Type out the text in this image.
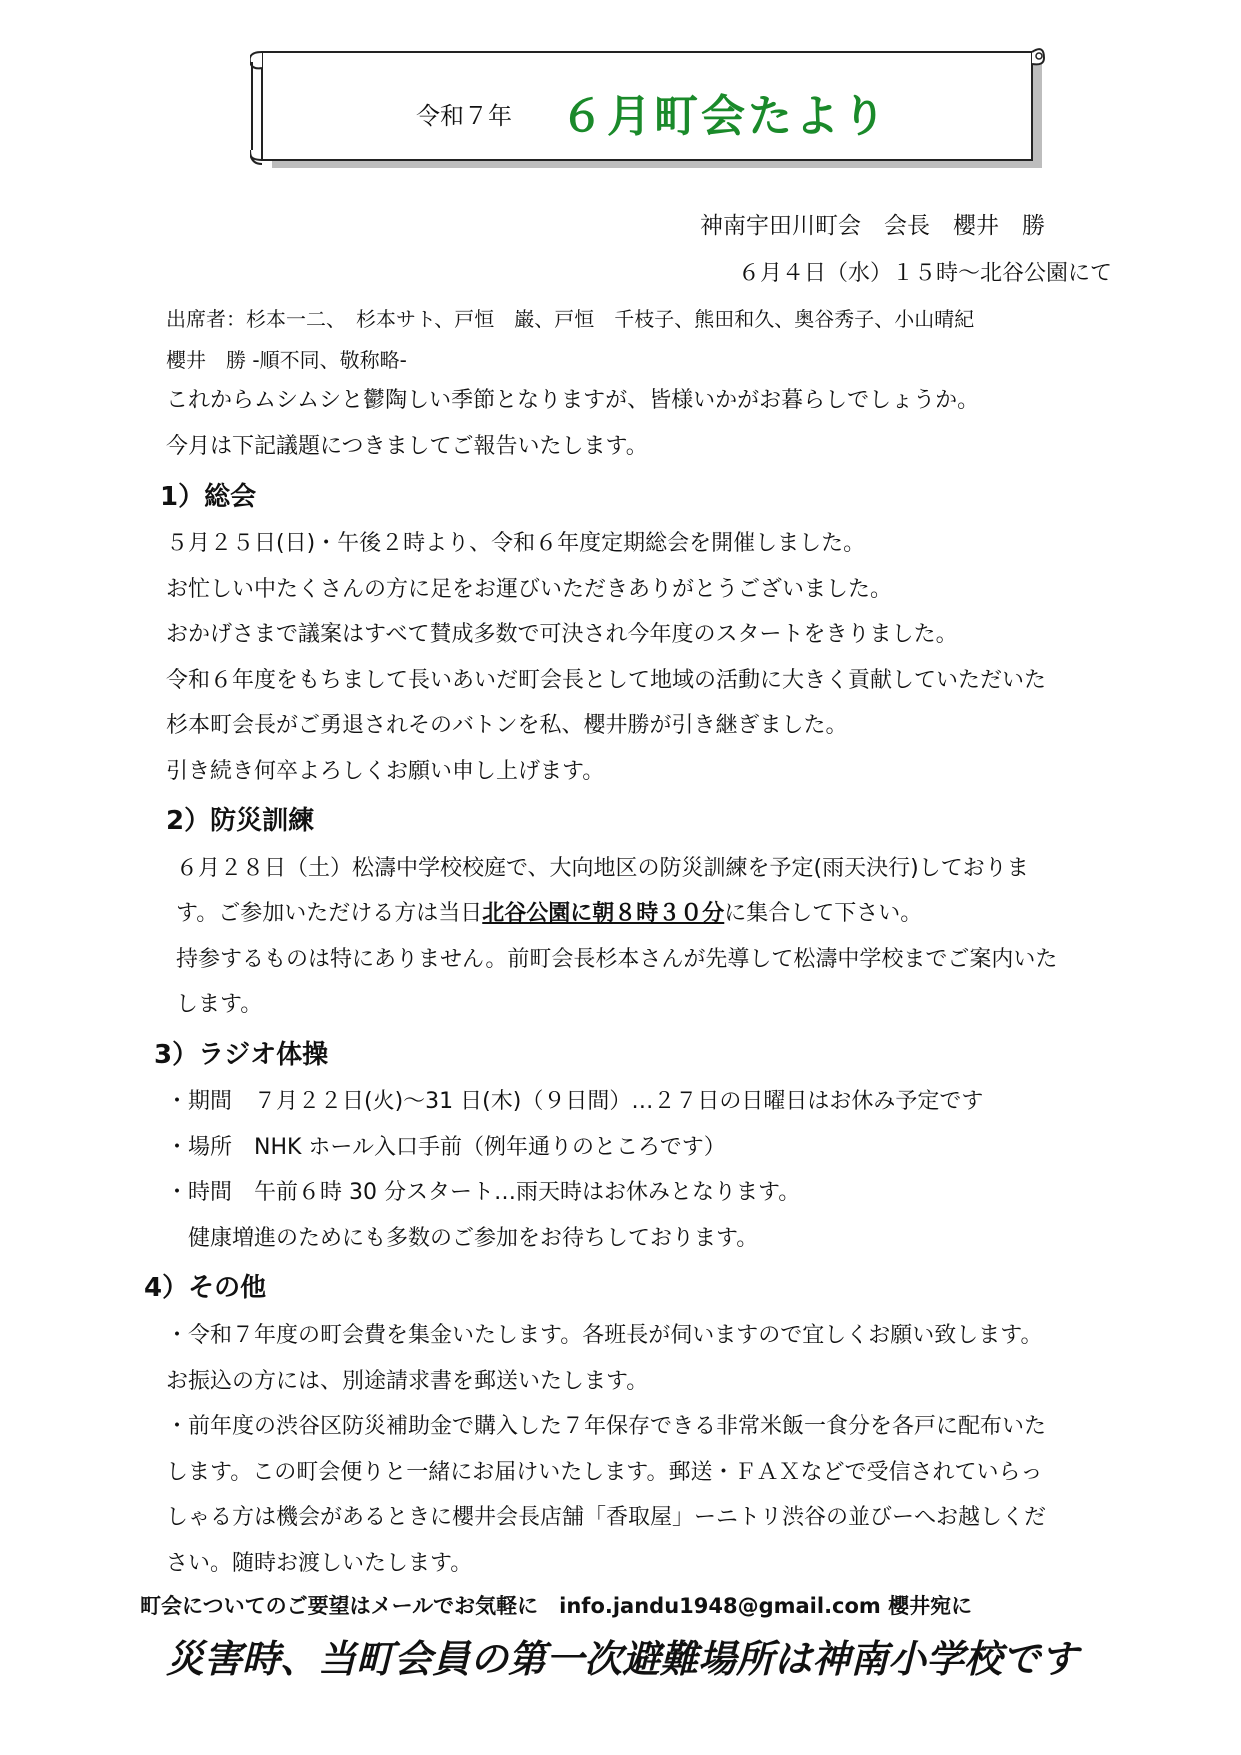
令和７年 ６月町会たより
神南宇田川町会　会長　櫻井　勝
６月４日（水）１５時～北谷公園にて
出席者：杉本一二、　杉本サト、戸恒　巌、戸恒　千枝子、熊田和久、奥谷秀子、小山晴紀
櫻井　勝 -順不同、敬称略-
これからムシムシと鬱陶しい季節となりますが、皆様いかがお暮らしでしょうか。
今月は下記議題につきましてご報告いたします。
1）総会
５月２５日(日)・午後２時より、令和６年度定期総会を開催しました。
お忙しい中たくさんの方に足をお運びいただきありがとうございました。
おかげさまで議案はすべて賛成多数で可決され今年度のスタートをきりました。
令和６年度をもちまして長いあいだ町会長として地域の活動に大きく貢献していただいた
杉本町会長がご勇退されそのバトンを私、櫻井勝が引き継ぎました。
引き続き何卒よろしくお願い申し上げます。
2）防災訓練
６月２８日（土）松濤中学校校庭で、大向地区の防災訓練を予定(雨天決行)しておりま
す。ご参加いただける方は当日北谷公園に朝８時３０分に集合して下さい。
持参するものは特にありません。前町会長杉本さんが先導して松濤中学校までご案内いた
します。
3）ラジオ体操
・期間　７月２２日(火)～31 日(木)（９日間）…２７日の日曜日はお休み予定です
・場所　NHK ホール入口手前（例年通りのところです）
・時間　午前６時 30 分スタート…雨天時はお休みとなります。
健康増進のためにも多数のご参加をお待ちしております。
4）その他
・令和７年度の町会費を集金いたします。各班長が伺いますので宜しくお願い致します。
お振込の方には、別途請求書を郵送いたします。
・前年度の渋谷区防災補助金で購入した７年保存できる非常米飯一食分を各戸に配布いた
します。この町会便りと一緒にお届けいたします。郵送・ＦＡＸなどで受信されていらっ
しゃる方は機会があるときに櫻井会長店舗「香取屋」ーニトリ渋谷の並びーへお越しくだ
さい。随時お渡しいたします。
町会についてのご要望はメールでお気軽に　info.jandu1948@gmail.com 櫻井宛に
災害時、当町会員の第一次避難場所は神南小学校です
